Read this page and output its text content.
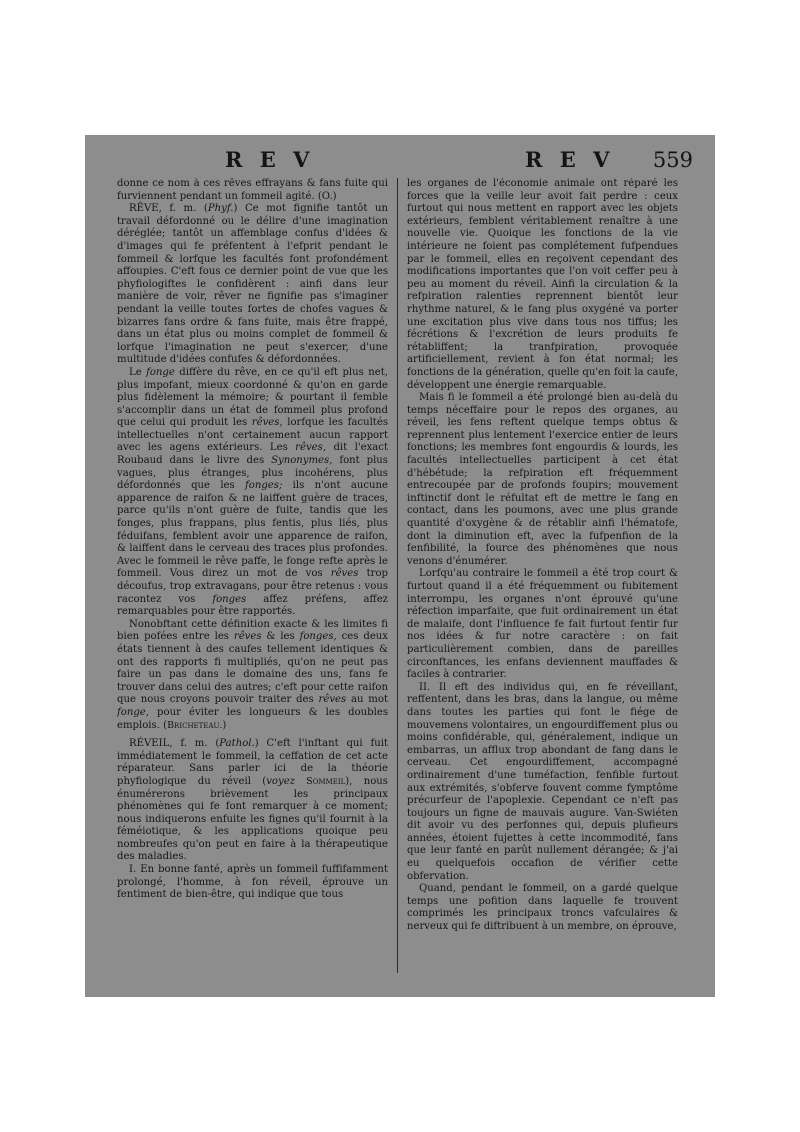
R E V	R E V 559

donne ce nom à ces rêves effrayans & fans fuite qui furviennent pendant un fommeil agité. (O.)

RÊVE, f. m. (Phyf.) Ce mot fignifie tantôt un travail défordonné ou le délire d'une imagination déréglée; tantôt un affemblage confus d'idées & d'images qui fe préfentent à l'efprit pendant le fommeil & lorfque les facultés font profondément affoupies. C'eft fous ce dernier point de vue que les phyfiologiftes le confidèrent : ainfi dans leur manière de voir, rêver ne fignifie pas s'imaginer pendant la veille toutes fortes de chofes vagues & bizarres fans ordre & fans fuite, mais être frappé, dans un état plus ou moins complet de fommeil & lorfque l'imagination ne peut s'exercer, d'une multitude d'idées confufes & défordonnées.

Le fonge diffère du rêve, en ce qu'il eft plus net, plus impofant, mieux coordonné & qu'on en garde plus fidèlement la mémoire; & pourtant il femble s'accomplir dans un état de fommeil plus profond que celui qui produit les rêves, lorfque les facultés intellectuelles n'ont certainement aucun rapport avec les agens extérieurs. Les rêves, dit l'exact Roubaud dans le livre des Synonymes, font plus vagues, plus étranges, plus incohérens, plus défordonnés que les fonges; ils n'ont aucune apparence de raifon & ne laiffent guère de traces, parce qu'ils n'ont guère de fuite, tandis que les fonges, plus frappans, plus fentis, plus liés, plus féduifans, femblent avoir une apparence de raifon, & laiffent dans le cerveau des traces plus profondes. Avec le fommeil le rêve paffe, le fonge refte après le fommeil. Vous direz un mot de vos rêves trop découfus, trop extravagans, pour être retenus : vous racontez vos fonges affez préfens, affez remarquables pour être rapportés.

Nonobftant cette définition exacte & les limites fi bien pofées entre les rêves & les fonges, ces deux états tiennent à des caufes tellement identiques & ont des rapports fi multipliés, qu'on ne peut pas faire un pas dans le domaine des uns, fans fe trouver dans celui des autres; c'eft pour cette raifon que nous croyons pouvoir traiter des rêves au mot fonge, pour éviter les longueurs & les doubles emplois. (Bricheteau.)

RÉVEIL, f. m. (Pathol.) C'eft l'inftant qui fuit immédiatement le fommeil, la ceffation de cet acte réparateur. Sans parler ici de la théorie phyfiologique du réveil (voyez Sommeil), nous énumérerons brièvement les principaux phénomènes qui fe font remarquer à ce moment; nous indiquerons enfuite les fignes qu'il fournit à la féméiotique, & les applications quoique peu nombreufes qu'on peut en faire à la thérapeutique des maladies.

I. En bonne fanté, après un fommeil fuffifamment prolongé, l'homme, à fon réveil, éprouve un fentiment de bien-être, qui indique que tous

les organes de l'économie animale ont réparé les forces que la veille leur avoit fait perdre : ceux furtout qui nous mettent en rapport avec les objets extérieurs, femblent véritablement renaître à une nouvelle vie. Quoique les fonctions de la vie intérieure ne foient pas complétement fufpendues par le fommeil, elles en reçoivent cependant des modifications importantes que l'on voit ceffer peu à peu au moment du réveil. Ainfi la circulation & la refpiration ralenties reprennent bientôt leur rhythme naturel, & le fang plus oxygéné va porter une excitation plus vive dans tous nos tiffus; les fécrétions & l'excrétion de leurs produits fe rétabliffent; la tranfpiration, provoquée artificiellement, revient à fon état normal; les fonctions de la génération, quelle qu'en foit la caufe, développent une énergie remarquable.

Mais fi le fommeil a été prolongé bien au-delà du temps néceffaire pour le repos des organes, au réveil, les fens reftent quelque temps obtus & reprennent plus lentement l'exercice entier de leurs fonctions; les membres font engourdis & lourds, les facultés intellectuelles participent à cet état d'hébétude; la refpiration eft fréquemment entrecoupée par de profonds foupirs; mouvement inftinctif dont le réfultat eft de mettre le fang en contact, dans les poumons, avec une plus grande quantité d'oxygène & de rétablir ainfi l'hématofe, dont la diminution eft, avec la fufpenfion de la fenfibilité, la fource des phénomènes que nous venons d'énumérer.

Lorfqu'au contraire le fommeil a été trop court & furtout quand il a été fréquemment ou fubitement interrompu, les organes n'ont éprouvé qu'une réfection imparfaite, que fuit ordinairement un état de malaife, dont l'influence fe fait furtout fentir fur nos idées & fur notre caractère : on fait particulièrement combien, dans de pareilles circonftances, les enfans deviennent mauffades & faciles à contrarier.

II. Il eft des individus qui, en fe réveillant, reffentent, dans les bras, dans la langue, ou même dans toutes les parties qui font le fiége de mouvemens volontaires, un engourdiffement plus ou moins confidérable, qui, généralement, indique un embarras, un afflux trop abondant de fang dans le cerveau. Cet engourdiffement, accompagné ordinairement d'une tuméfaction, fenfible furtout aux extrémités, s'obferve fouvent comme fymptôme précurfeur de l'apoplexie. Cependant ce n'eft pas toujours un figne de mauvais augure. Van-Swiéten dit avoir vu des perfonnes qui, depuis plufieurs années, étoient fujettes à cette incommodité, fans que leur fanté en parût nullement dérangée; & j'ai eu quelquefois occafion de vérifier cette obfervation.

Quand, pendant le fommeil, on a gardé quelque temps une pofition dans laquelle fe trouvent comprimés les principaux troncs vafculaires & nerveux qui fe diftribuent à un membre, on éprouve,
